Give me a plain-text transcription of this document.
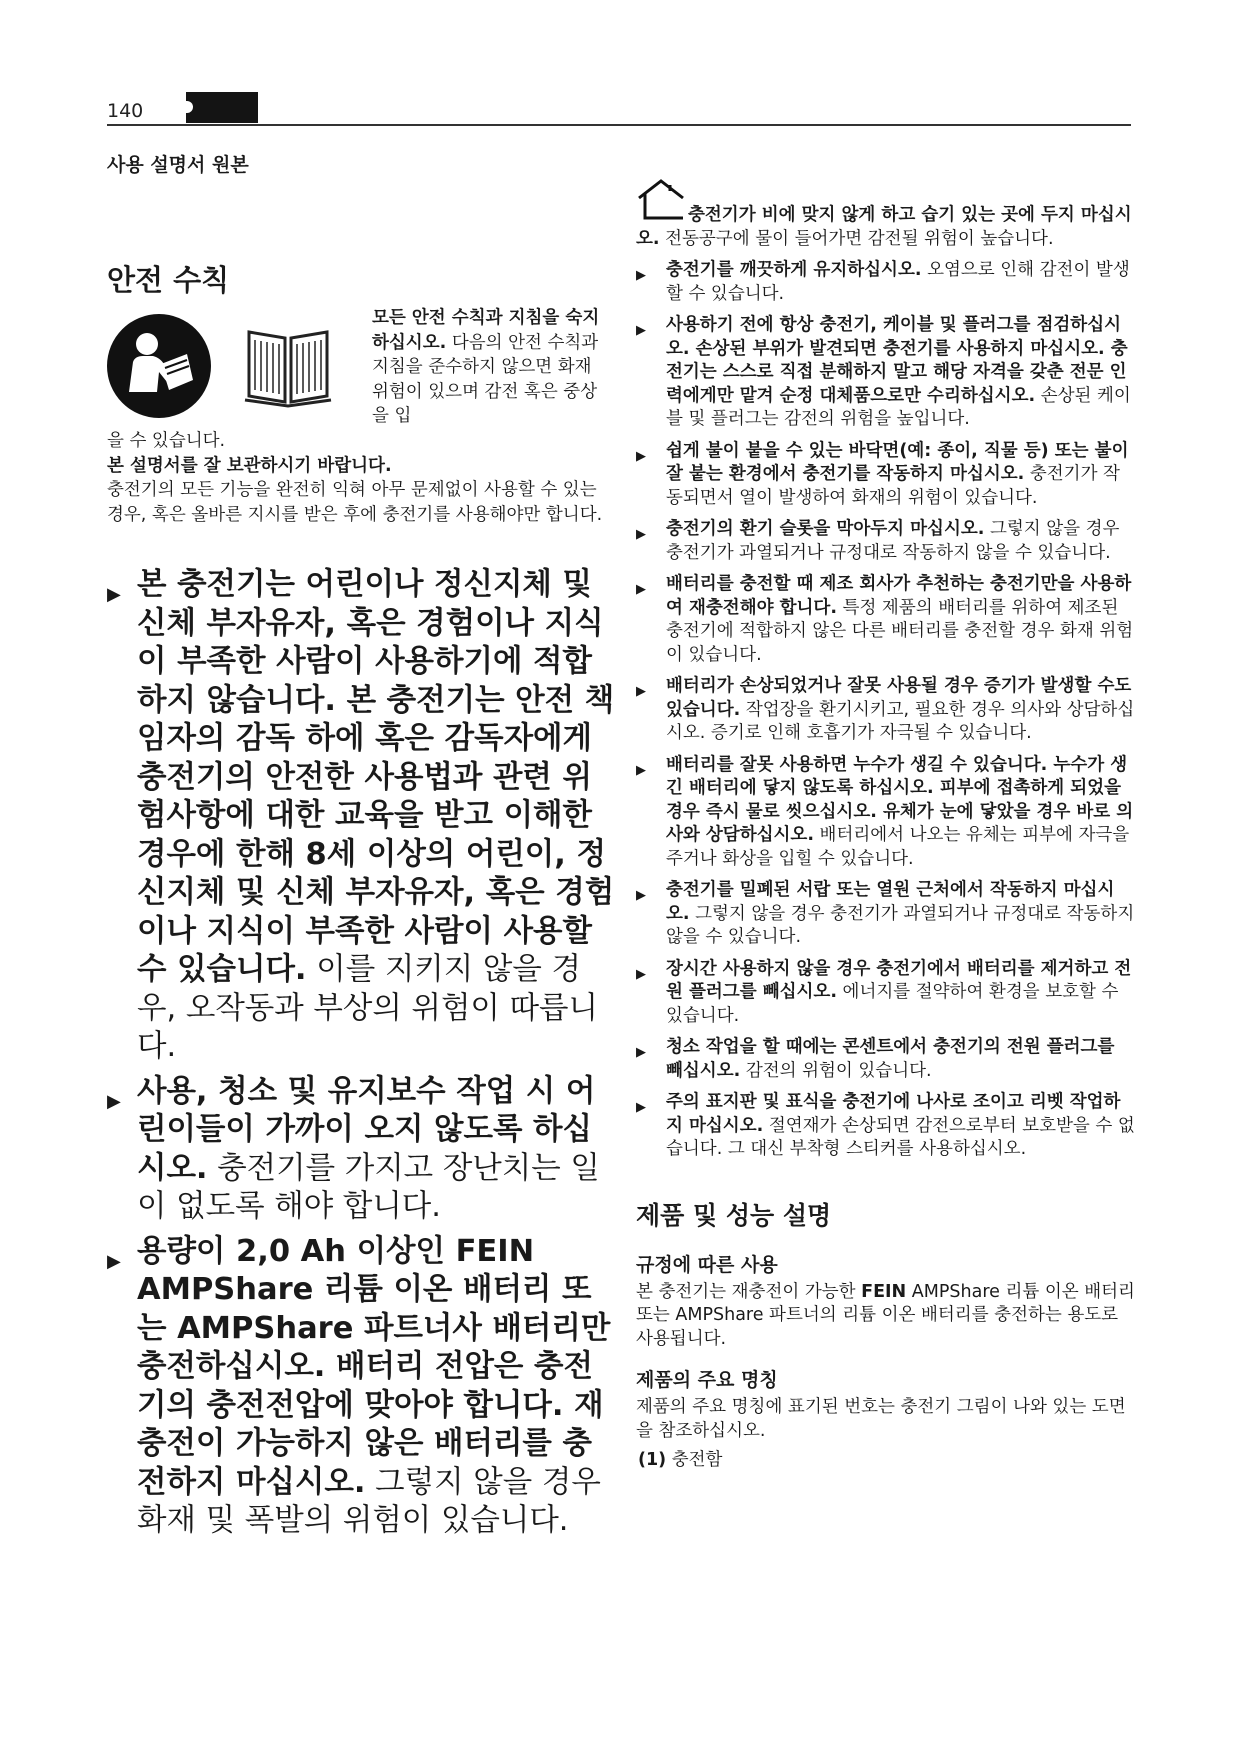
140

사용 설명서 원본

안전 수칙
모든 안전 수칙과 지침을 숙지하십시오. 다음의 안전 수칙과 지침을 준수하지 않으면 화재 위험이 있으며 감전 혹은 중상을 입
을 수 있습니다.
본 설명서를 잘 보관하시기 바랍니다.
충전기의 모든 기능을 완전히 익혀 아무 문제없이 사용할 수 있는 경우, 혹은 올바른 지시를 받은 후에 충전기를 사용해야만 합니다.

▶ 본 충전기는 어린이나 정신지체 및 신체 부자유자, 혹은 경험이나 지식이 부족한 사람이 사용하기에 적합하지 않습니다. 본 충전기는 안전 책임자의 감독 하에 혹은 감독자에게 충전기의 안전한 사용법과 관련 위험사항에 대한 교육을 받고 이해한 경우에 한해 8세 이상의 어린이, 정신지체 및 신체 부자유자, 혹은 경험이나 지식이 부족한 사람이 사용할 수 있습니다. 이를 지키지 않을 경우, 오작동과 부상의 위험이 따릅니다.

▶ 사용, 청소 및 유지보수 작업 시 어린이들이 가까이 오지 않도록 하십시오. 충전기를 가지고 장난치는 일이 없도록 해야 합니다.

▶ 용량이 2,0 Ah 이상인 FEIN AMPShare 리튬 이온 배터리 또는 AMPShare 파트너사 배터리만 충전하십시오. 배터리 전압은 충전기의 충전전압에 맞아야 합니다. 재충전이 가능하지 않은 배터리를 충전하지 마십시오. 그렇지 않을 경우 화재 및 폭발의 위험이 있습니다.

충전기가 비에 맞지 않게 하고 습기 있는 곳에 두지 마십시오. 전동공구에 물이 들어가면 감전될 위험이 높습니다.

▶ 충전기를 깨끗하게 유지하십시오. 오염으로 인해 감전이 발생할 수 있습니다.

▶ 사용하기 전에 항상 충전기, 케이블 및 플러그를 점검하십시오. 손상된 부위가 발견되면 충전기를 사용하지 마십시오. 충전기는 스스로 직접 분해하지 말고 해당 자격을 갖춘 전문 인력에게만 맡겨 순정 대체품으로만 수리하십시오. 손상된 케이블 및 플러그는 감전의 위험을 높입니다.

▶ 쉽게 불이 붙을 수 있는 바닥면(예: 종이, 직물 등) 또는 불이 잘 붙는 환경에서 충전기를 작동하지 마십시오. 충전기가 작동되면서 열이 발생하여 화재의 위험이 있습니다.

▶ 충전기의 환기 슬롯을 막아두지 마십시오. 그렇지 않을 경우 충전기가 과열되거나 규정대로 작동하지 않을 수 있습니다.

▶ 배터리를 충전할 때 제조 회사가 추천하는 충전기만을 사용하여 재충전해야 합니다. 특정 제품의 배터리를 위하여 제조된 충전기에 적합하지 않은 다른 배터리를 충전할 경우 화재 위험이 있습니다.

▶ 배터리가 손상되었거나 잘못 사용될 경우 증기가 발생할 수도 있습니다. 작업장을 환기시키고, 필요한 경우 의사와 상담하십시오. 증기로 인해 호흡기가 자극될 수 있습니다.

▶ 배터리를 잘못 사용하면 누수가 생길 수 있습니다. 누수가 생긴 배터리에 닿지 않도록 하십시오. 피부에 접촉하게 되었을 경우 즉시 물로 씻으십시오. 유체가 눈에 닿았을 경우 바로 의사와 상담하십시오. 배터리에서 나오는 유체는 피부에 자극을 주거나 화상을 입힐 수 있습니다.

▶ 충전기를 밀폐된 서랍 또는 열원 근처에서 작동하지 마십시오. 그렇지 않을 경우 충전기가 과열되거나 규정대로 작동하지 않을 수 있습니다.

▶ 장시간 사용하지 않을 경우 충전기에서 배터리를 제거하고 전원 플러그를 빼십시오. 에너지를 절약하여 환경을 보호할 수 있습니다.

▶ 청소 작업을 할 때에는 콘센트에서 충전기의 전원 플러그를 빼십시오. 감전의 위험이 있습니다.

▶ 주의 표지판 및 표식을 충전기에 나사로 조이고 리벳 작업하지 마십시오. 절연재가 손상되면 감전으로부터 보호받을 수 없습니다. 그 대신 부착형 스티커를 사용하십시오.

제품 및 성능 설명
규정에 따른 사용

본 충전기는 재충전이 가능한 FEIN AMPShare 리튬 이온 배터리 또는 AMPShare 파트너의 리튬 이온 배터리를 충전하는 용도로 사용됩니다.

제품의 주요 명칭

제품의 주요 명칭에 표기된 번호는 충전기 그림이 나와 있는 도면을 참조하십시오.

(1) 충전함
